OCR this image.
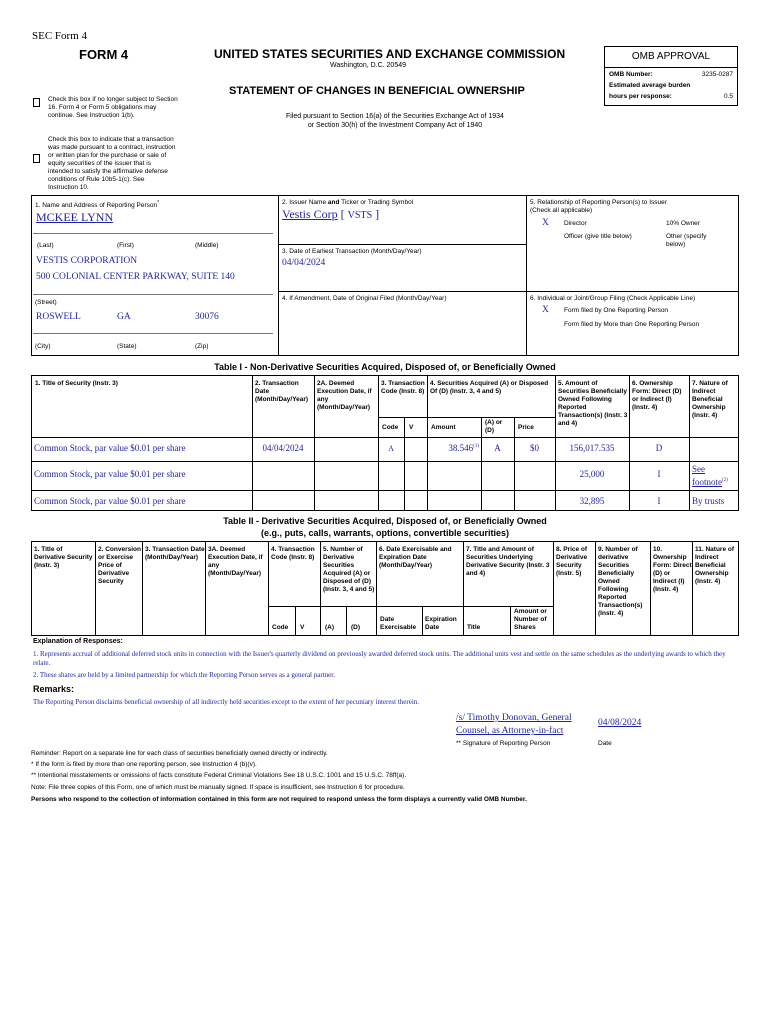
SEC Form 4
FORM 4	UNITED STATES SECURITIES AND EXCHANGE COMMISSION
Washington, D.C. 20549
STATEMENT OF CHANGES IN BENEFICIAL OWNERSHIP
Filed pursuant to Section 16(a) of the Securities Exchange Act of 1934
or Section 30(h) of the Investment Company Act of 1940
OMB APPROVAL
OMB Number:	3235-0287
Estimated average burden
hours per response:	0.5
Check this box if no longer subject to Section 16. Form 4 or Form 5 obligations may continue. See Instruction 1(b).
Check this box to indicate that a transaction was made pursuant to a contract, instruction or written plan for the purchase or sale of equity securities of the issuer that is intended to satisfy the affirmative defense conditions of Rule 10b5-1(c). See Instruction 10.
1. Name and Address of Reporting Person*
MCKEE LYNN
(Last)	(First)	(Middle)
VESTIS CORPORATION
500 COLONIAL CENTER PARKWAY, SUITE 140
(Street)
ROSWELL	GA	30076
(City)	(State)	(Zip)
2. Issuer Name and Ticker or Trading Symbol
Vestis Corp [ VSTS ]
3. Date of Earliest Transaction (Month/Day/Year)
04/04/2024
4. If Amendment, Date of Original Filed (Month/Day/Year)
5. Relationship of Reporting Person(s) to Issuer
(Check all applicable)
X Director	10% Owner
Officer (give title below)	Other (specify below)
6. Individual or Joint/Group Filing (Check Applicable Line)
X Form filed by One Reporting Person
Form filed by More than One Reporting Person
Table I - Non-Derivative Securities Acquired, Disposed of, or Beneficially Owned
1. Title of Security (Instr. 3)	2. Transaction Date (Month/Day/Year)
2A. Deemed Execution Date, if any (Month/Day/Year)
3. Transaction Code (Instr. 8)
4. Securities Acquired (A) or Disposed Of (D) (Instr. 3, 4 and 5)
5. Amount of Securities Beneficially Owned Following Reported Transaction(s) (Instr. 3 and 4)
6. Ownership Form: Direct (D) or Indirect (I) (Instr. 4)
7. Nature of Indirect Beneficial Ownership (Instr. 4)
Code V	Amount
(A) or (D)	Price
Common Stock, par value $0.01 per share	04/04/2024	A	38.546$^{(1)}$	A	$0	156,017.535	D
Common Stock, par value $0.01 per share	25,000	I	See footnote$^{(2)}$
Common Stock, par value $0.01 per share	32,895	I	By trusts
Table II - Derivative Securities Acquired, Disposed of, or Beneficially Owned
(e.g., puts, calls, warrants, options, convertible securities)
1. Title of Derivative Security (Instr. 3)
2. Conversion or Exercise Price of Derivative Security
3. Transaction Date (Month/Day/Year)
3A. Deemed Execution Date, if any (Month/Day/Year)
4. Transaction Code (Instr. 8)
5. Number of Derivative Securities Acquired (A) or Disposed of (D) (Instr. 3, 4 and 5)
6. Date Exercisable and Expiration Date (Month/Day/Year)
7. Title and Amount of Securities Underlying Derivative Security (Instr. 3 and 4)
8. Price of Derivative Security (Instr. 5)
9. Number of derivative Securities Beneficially Owned Following Reported Transaction(s) (Instr. 4)
10. Ownership Form: Direct (D) or Indirect (I) (Instr. 4)
11. Nature of Indirect Beneficial Ownership (Instr. 4)
Code V	(A)	(D)
Date Exercisable
Expiration Date	Title
Amount or Number of Shares
Explanation of Responses:
1. Represents accrual of additional deferred stock units in connection with the Issuer's quarterly dividend on previously awarded deferred stock units. The additional units vest and settle on the same schedules as the underlying awards to which they relate.
2. These shares are held by a limited partnership for which the Reporting Person serves as a general partner.
Remarks:
The Reporting Person disclaims beneficial ownership of all indirectly held securities except to the extent of her pecuniary interest therein.
/s/ Timothy Donovan, General
Counsel, as Attorney-in-fact
04/08/2024
** Signature of Reporting Person	Date
Reminder: Report on a separate line for each class of securities beneficially owned directly or indirectly.
* If the form is filed by more than one reporting person, see Instruction 4 (b)(v).
** Intentional misstatements or omissions of facts constitute Federal Criminal Violations See 18 U.S.C. 1001 and 15 U.S.C. 78ff(a).
Note: File three copies of this Form, one of which must be manually signed. If space is insufficient, see Instruction 6 for procedure.
Persons who respond to the collection of information contained in this form are not required to respond unless the form displays a currently valid OMB Number.
